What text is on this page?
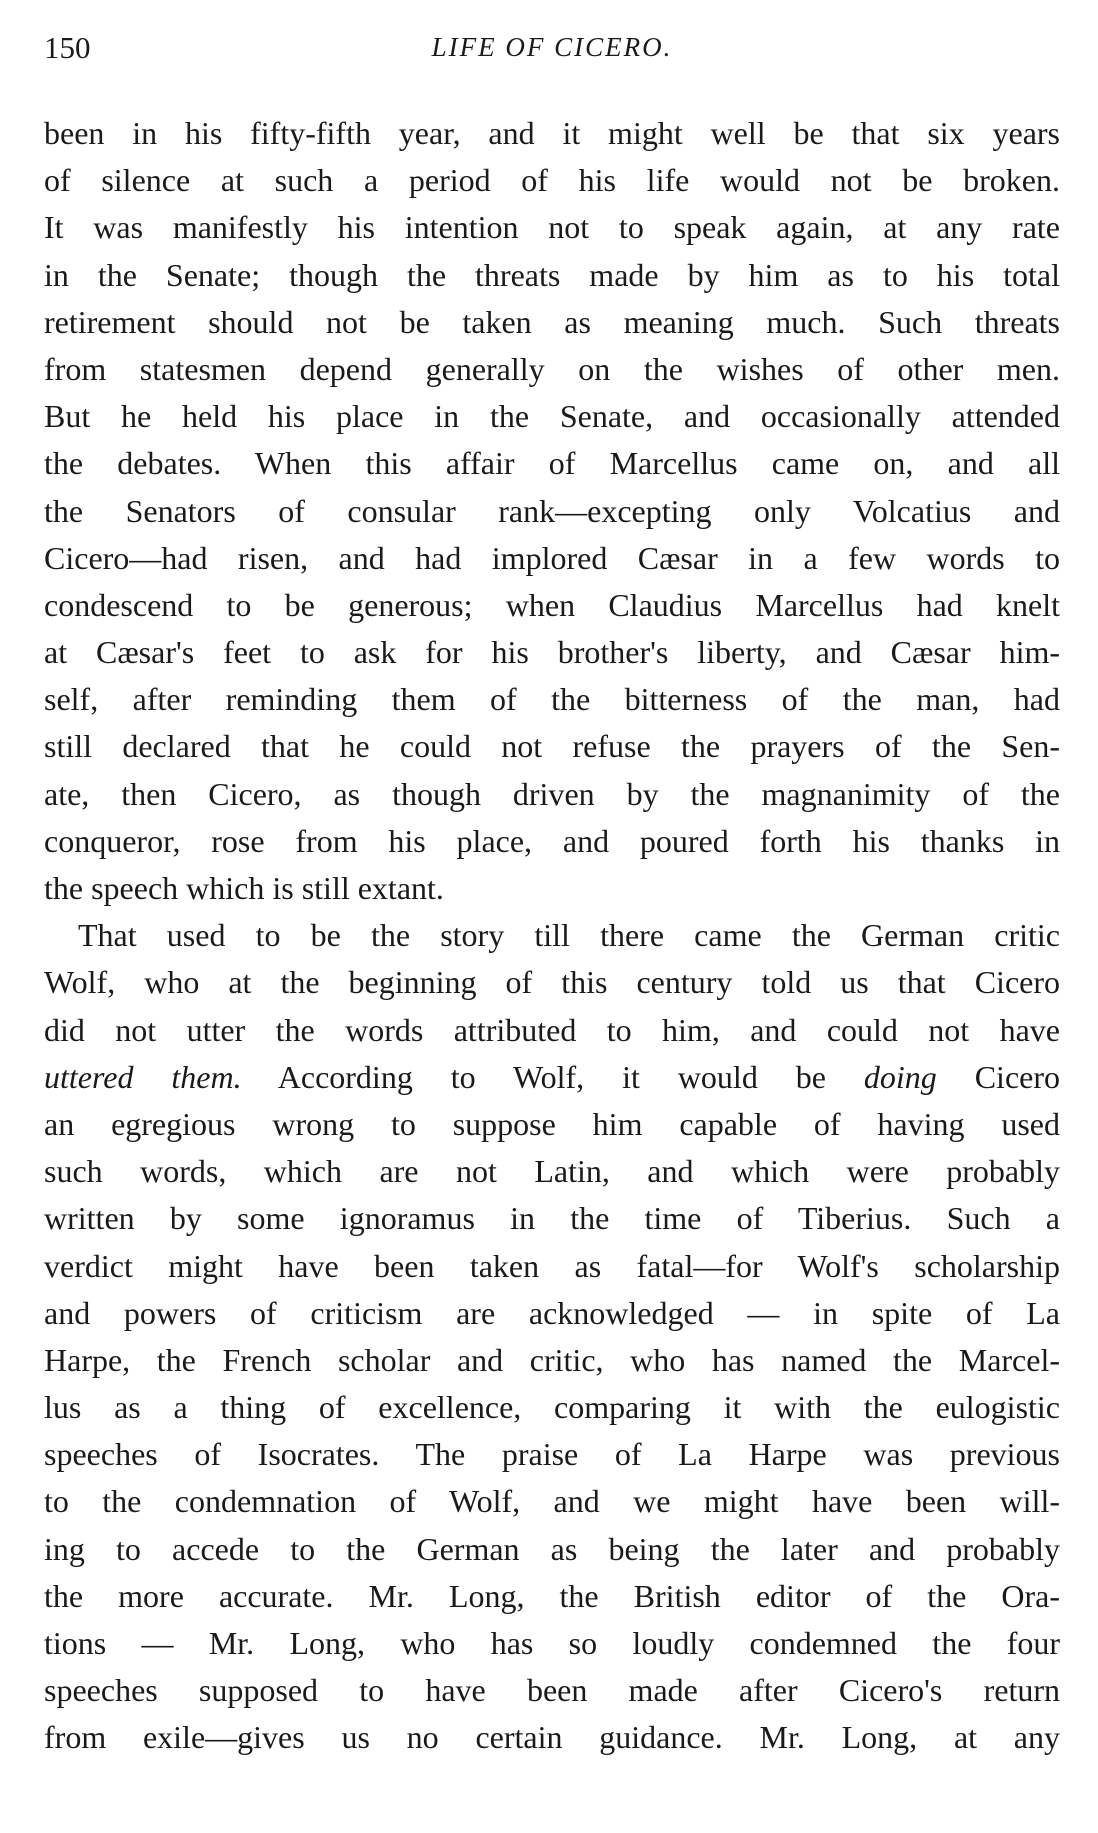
150	LIFE OF CICERO.
been in his fifty-fifth year, and it might well be that six years
of silence at such a period of his life would not be broken.
It was manifestly his intention not to speak again, at any rate
in the Senate; though the threats made by him as to his total
retirement should not be taken as meaning much. Such threats
from statesmen depend generally on the wishes of other men.
But he held his place in the Senate, and occasionally attended
the debates. When this affair of Marcellus came on, and all
the Senators of consular rank—excepting only Volcatius and
Cicero—had risen, and had implored Cæsar in a few words to
condescend to be generous; when Claudius Marcellus had knelt
at Cæsar's feet to ask for his brother's liberty, and Cæsar him-
self, after reminding them of the bitterness of the man, had
still declared that he could not refuse the prayers of the Sen-
ate, then Cicero, as though driven by the magnanimity of the
conqueror, rose from his place, and poured forth his thanks in
the speech which is still extant.
That used to be the story till there came the German critic
Wolf, who at the beginning of this century told us that Cicero
did not utter the words attributed to him, and could not have
uttered them. According to Wolf, it would be doing Cicero
an egregious wrong to suppose him capable of having used
such words, which are not Latin, and which were probably
written by some ignoramus in the time of Tiberius. Such a
verdict might have been taken as fatal—for Wolf's scholarship
and powers of criticism are acknowledged — in spite of La
Harpe, the French scholar and critic, who has named the Marcel-
lus as a thing of excellence, comparing it with the eulogistic
speeches of Isocrates. The praise of La Harpe was previous
to the condemnation of Wolf, and we might have been will-
ing to accede to the German as being the later and probably
the more accurate. Mr. Long, the British editor of the Ora-
tions — Mr. Long, who has so loudly condemned the four
speeches supposed to have been made after Cicero's return
from exile—gives us no certain guidance. Mr. Long, at any
